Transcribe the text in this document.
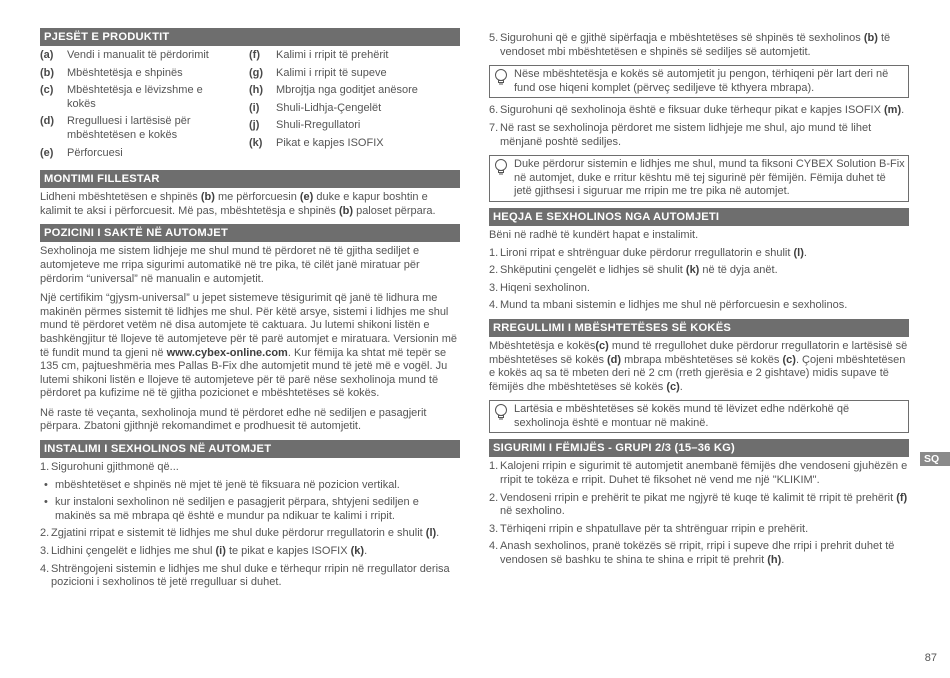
PJESËT E PRODUKTIT
(a)	Vendi i manualit të përdorimit
(b)	Mbështetësja e shpinës
(c)	Mbështetësja e lëvizshme e kokës
(d)	Rregulluesi i lartësisë për mbështetësen e kokës
(e)	Përforcuesi
(f)	Kalimi i rripit të prehërit
(g)	Kalimi i rripit të supeve
(h)	Mbrojtja nga goditjet anësore
(i)	Shuli-Lidhja-Çengelët
(j)	Shuli-Rregullatori
(k)	Pikat e kapjes ISOFIX
MONTIMI FILLESTAR

Lidheni mbështetësen e shpinës (b) me përforcuesin (e) duke e kapur boshtin e kalimit te aksi i përforcuesit. Më pas, mbështetësja e shpinës (b) paloset përpara.

POZICINI I SAKTË NË AUTOMJET

Sexholinoja me sistem lidhjeje me shul mund të përdoret në të gjitha sediljet e automjeteve me rripa sigurimi automatikë në tre pika, të cilët janë miratuar për përdorim “universal” në manualin e automjetit.

Një certifikim “gjysm-universal” u jepet sistemeve tësigurimit që janë të lidhura me makinën përmes sistemit të lidhjes me shul. Për këtë arsye, sistemi i lidhjes me shul mund të përdoret vetëm në disa automjete të caktuara. Ju lutemi shikoni listën e bashkëngjitur të llojeve të automjeteve për të parë automjet e miratuara. Versionin më të fundit mund ta gjeni në www.cybex-online.com. Kur fëmija ka shtat më tepër se 135 cm, pajtueshmëria mes Pallas B-Fix dhe automjetit mund të jetë më e vogël. Ju lutemi shikoni listën e llojeve të automjeteve për të parë nëse sexholinoja mund të përdoret pa kufizime në të gjitha pozicionet e mbështetëses së kokës.

Në raste të veçanta, sexholinoja mund të përdoret edhe në sediljen e pasagjerit përpara. Zbatoni gjithnjë rekomandimet e prodhuesit të automjetit.

INSTALIMI I SEXHOLINOS NË AUTOMJET
1. Sigurohuni gjithmonë që...
• mbështetëset e shpinës në mjet të jenë të fiksuara në pozicion vertikal.
• kur instaloni sexholinon në sediljen e pasagjerit përpara, shtyjeni sediljen e makinës sa më mbrapa që është e mundur pa ndikuar te kalimi i rripit.
2. Zgjatini rripat e sistemit të lidhjes me shul duke përdorur rregullatorin e shulit (l).
3. Lidhini çengelët e lidhjes me shul (i) te pikat e kapjes ISOFIX (k).
4. Shtrëngojeni sistemin e lidhjes me shul duke e tërhequr rripin në rregullator derisa pozicioni i sexholinos të jetë rregulluar si duhet.
5. Sigurohuni që e gjithë sipërfaqja e mbështetëses së shpinës të sexholinos (b) të vendoset mbi mbështetësen e shpinës së sediljes së automjetit.
Nëse mbështetësja e kokës së automjetit ju pengon, tërhiqeni për lart deri në fund ose hiqeni komplet (përveç sediljeve të kthyera mbrapa).
6. Sigurohuni që sexholinoja është e fiksuar duke tërhequr pikat e kapjes ISOFIX (m).
7. Në rast se sexholinoja përdoret me sistem lidhjeje me shul, ajo mund të lihet mënjanë poshtë sediljes.
Duke përdorur sistemin e lidhjes me shul, mund ta fiksoni CYBEX Solution B-Fix në automjet, duke e rritur kështu më tej sigurinë për fëmijën. Fëmija duhet të jetë gjithsesi i siguruar me rripin me tre pika në automjet.
HEQJA E SEXHOLINOS NGA AUTOMJETI

Bëni në radhë të kundërt hapat e instalimit.

1. Lironi rripat e shtrënguar duke përdorur rregullatorin e shulit (l).
2. Shkëputini çengelët e lidhjes së shulit (k) në të dyja anët.
3. Hiqeni sexholinon.
4. Mund ta mbani sistemin e lidhjes me shul në përforcuesin e sexholinos.
RREGULLIMI I MBËSHTETËSES SË KOKËS

Mbështetësja e kokës(c) mund të rregullohet duke përdorur rregullatorin e lartësisë së mbështetëses së kokës (d) mbrapa mbështetëses së kokës (c). Çojeni mbështetësen e kokës aq sa të mbeten deri në 2 cm (rreth gjerësia e 2 gishtave) midis supave të fëmijës dhe mbështetëses së kokës (c).

Lartësia e mbështetëses së kokës mund të lëvizet edhe ndërkohë që sexholinoja është e montuar në makinë.
SIGURIMI I FËMIJËS - GRUPI 2/3 (15–36 KG)
1. Kalojeni rripin e sigurimit të automjetit anembanë fëmijës dhe vendoseni gjuhëzën e rripit te tokëza e rripit. Duhet të fiksohet në vend me një "KLIKIM".
2. Vendoseni rripin e prehërit te pikat me ngjyrë të kuqe të kalimit të rripit të prehërit (f) në sexholino.
3. Tërhiqeni rripin e shpatullave për ta shtrënguar rripin e prehërit.
4. Anash sexholinos, pranë tokëzës së rripit, rripi i supeve dhe rripi i prehrit duhet të vendosen së bashku te shina te shina e rripit të prehrit (h).
SQ
87
